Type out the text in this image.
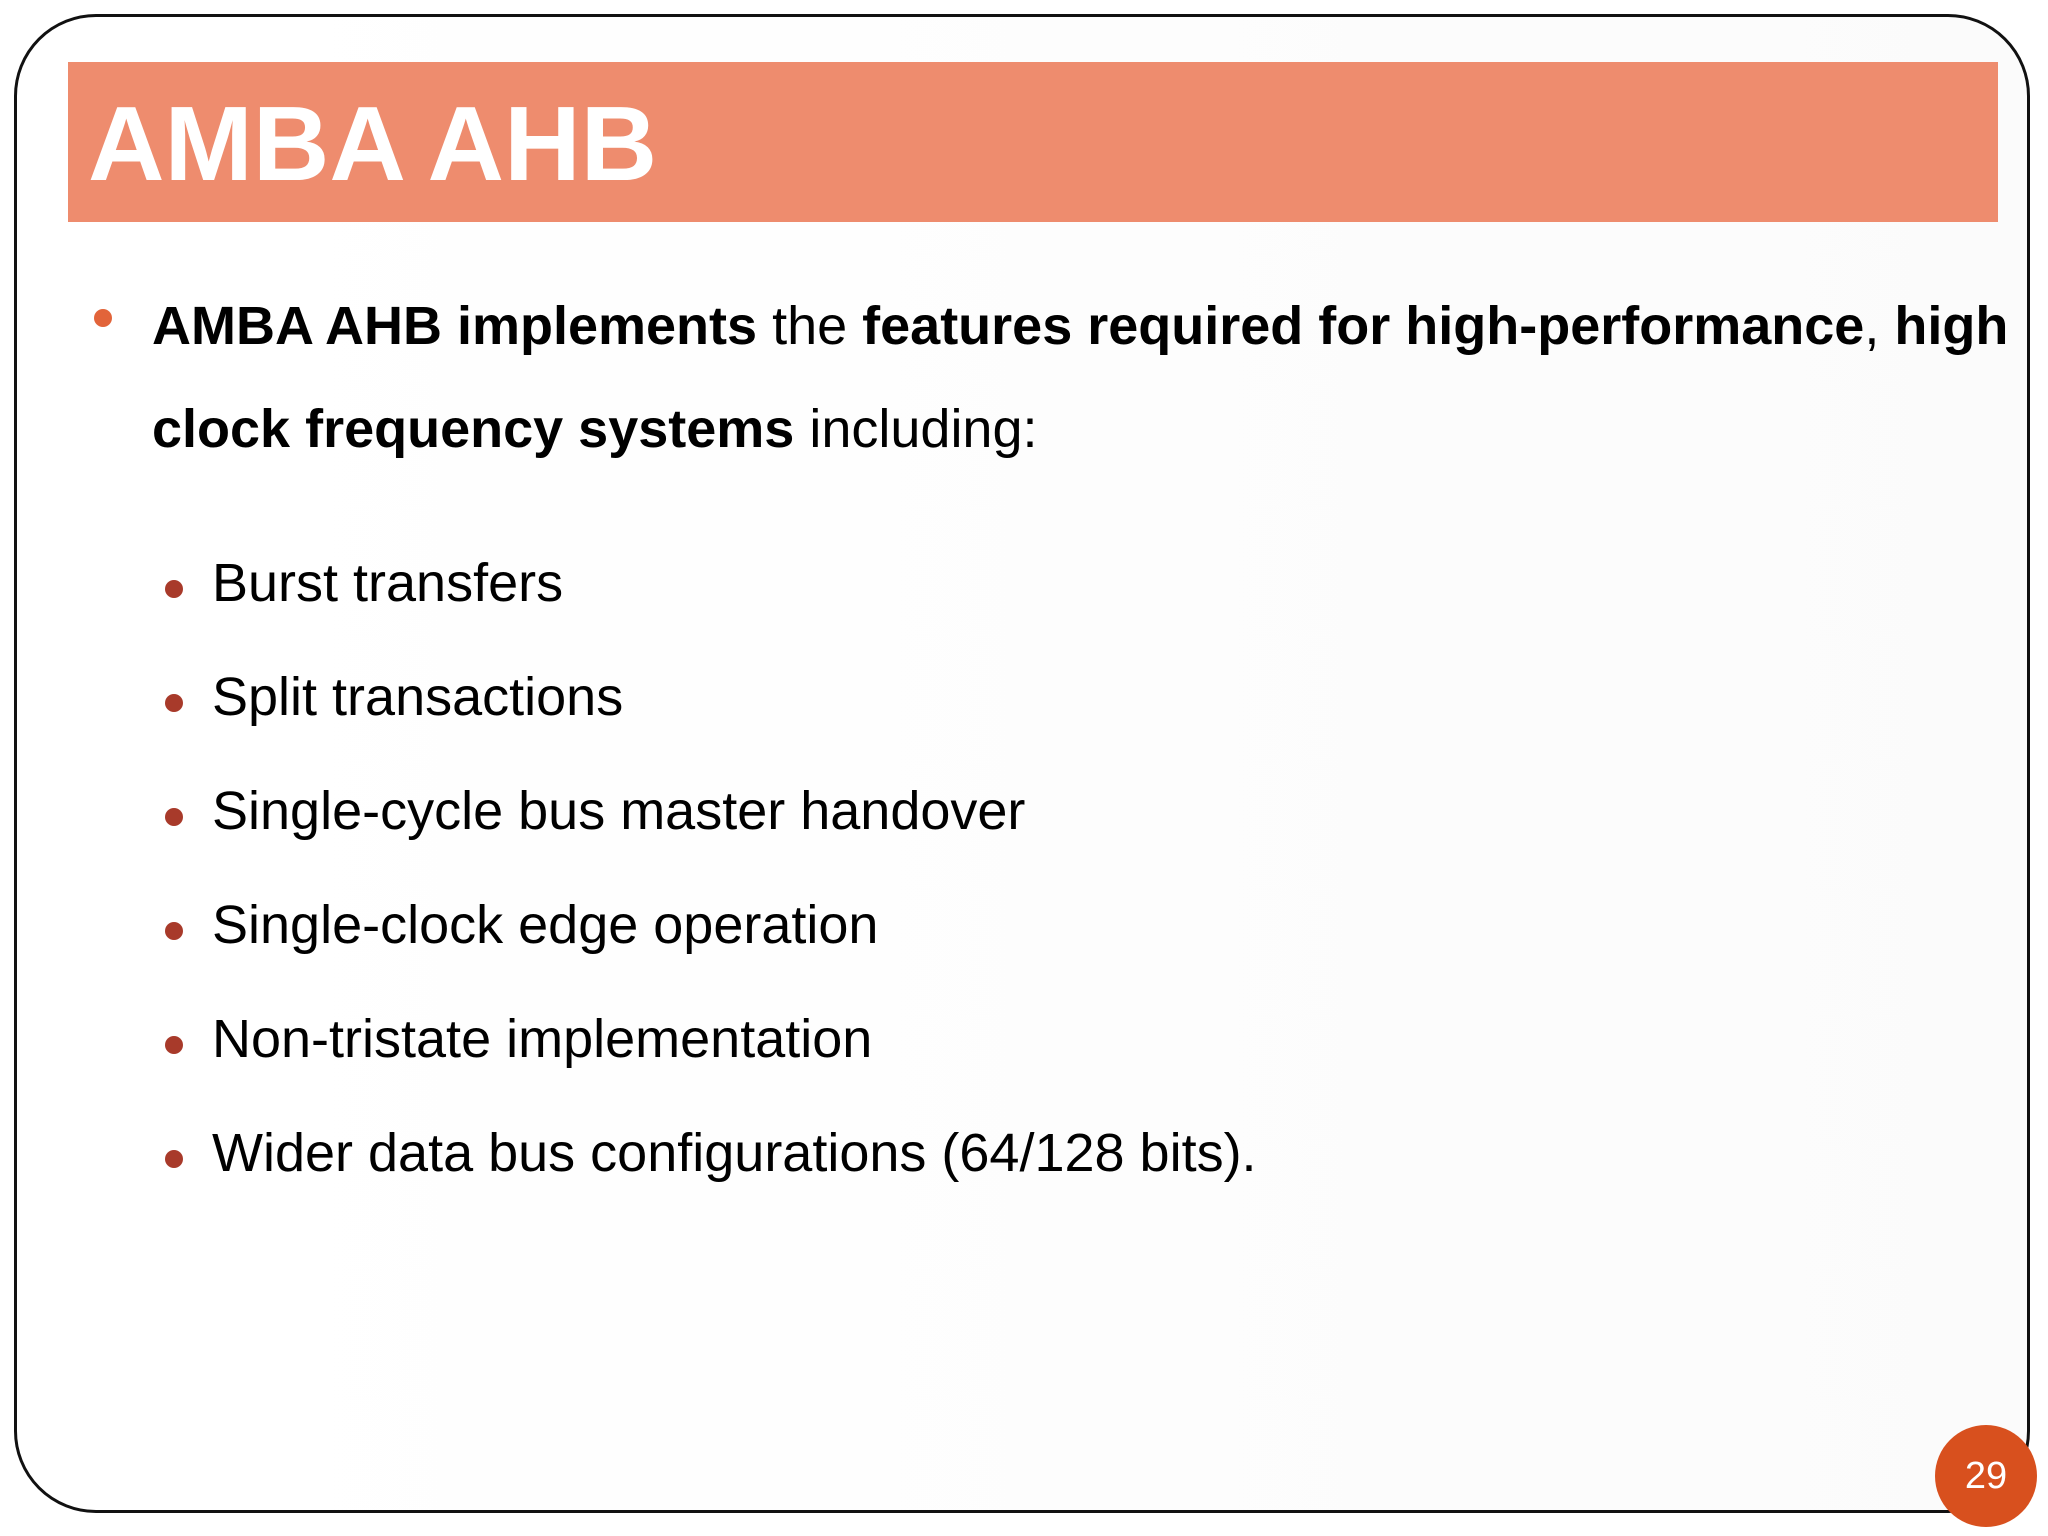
AMBA AHB

AMBA AHB implements the features required for high-performance, high clock frequency systems including:

Burst transfers
Split transactions
Single-cycle bus master handover
Single-clock edge operation
Non-tristate implementation
Wider data bus configurations (64/128 bits).
29
